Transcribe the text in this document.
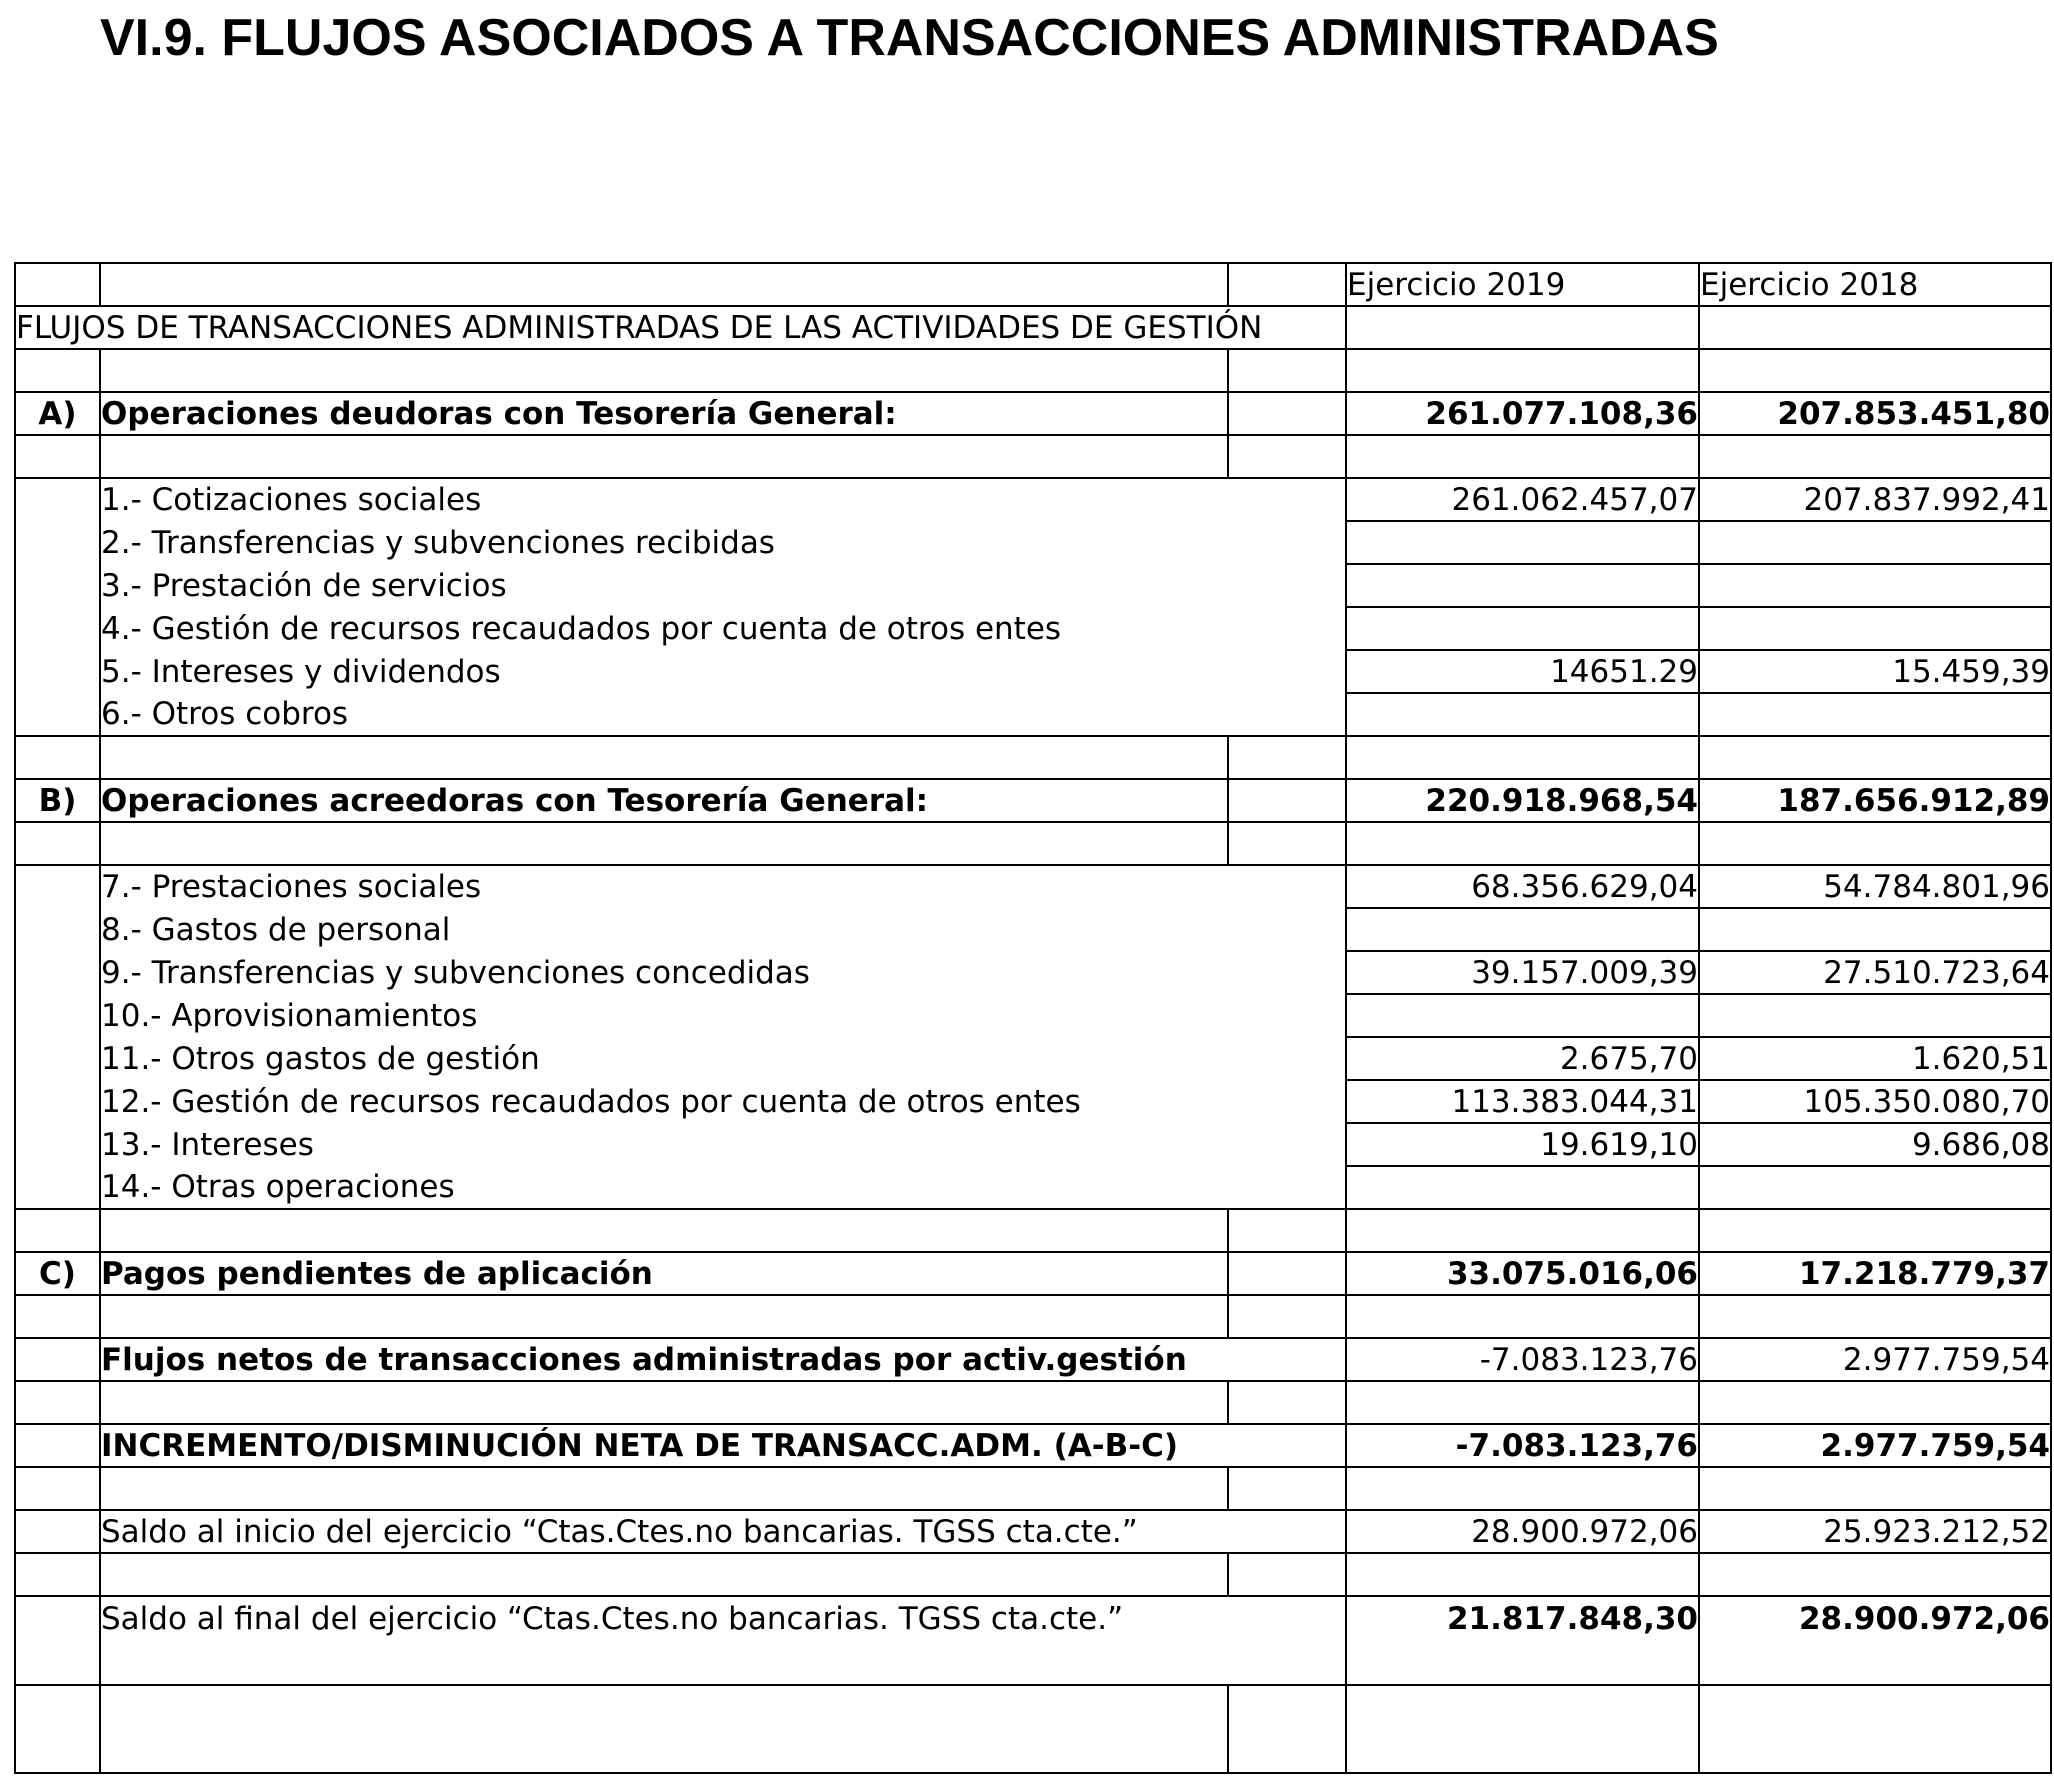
VI.9. FLUJOS ASOCIADOS A TRANSACCIONES ADMINISTRADAS
			Ejercicio 2019	Ejercicio 2018
FLUJOS DE TRANSACCIONES ADMINISTRADAS DE LAS ACTIVIDADES DE GESTIÓN				

A)	Operaciones deudoras con Tesorería General:		261.077.108,36	207.853.451,80

	1.- Cotizaciones sociales		261.062.457,07	207.837.992,41
	2.- Transferencias y subvenciones recibidas			
	3.- Prestación de servicios			
	4.- Gestión de recursos recaudados por cuenta de otros entes			
	5.- Intereses y dividendos		14651.29	15.459,39
	6.- Otros cobros			

B)	Operaciones acreedoras con Tesorería General:		220.918.968,54	187.656.912,89

	7.- Prestaciones sociales		68.356.629,04	54.784.801,96
	8.- Gastos de personal			
	9.- Transferencias y subvenciones concedidas		39.157.009,39	27.510.723,64
	10.- Aprovisionamientos			
	11.- Otros gastos de gestión		2.675,70	1.620,51
	12.- Gestión de recursos recaudados por cuenta de otros entes		113.383.044,31	105.350.080,70
	13.- Intereses		19.619,10	9.686,08
	14.- Otras operaciones			

C)	Pagos pendientes de aplicación		33.075.016,06	17.218.779,37

	Flujos netos de transacciones administradas por activ.gestión		-7.083.123,76	2.977.759,54

	INCREMENTO/DISMINUCIÓN NETA DE TRANSACC.ADM. (A-B-C)		-7.083.123,76	2.977.759,54

	Saldo al inicio del ejercicio “Ctas.Ctes.no bancarias. TGSS cta.cte.”		28.900.972,06	25.923.212,52

	Saldo al final del ejercicio “Ctas.Ctes.no bancarias. TGSS cta.cte.”		21.817.848,30	28.900.972,06
